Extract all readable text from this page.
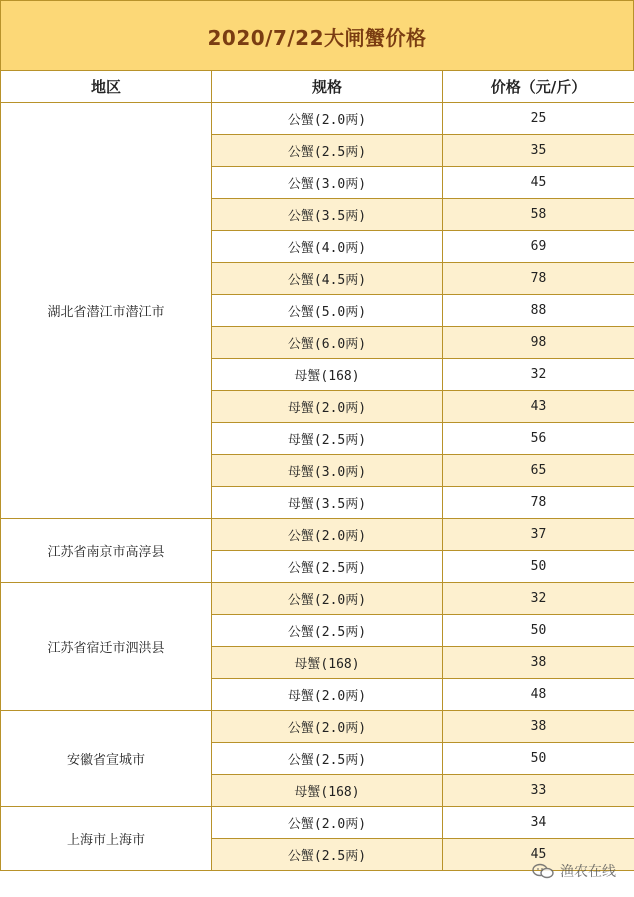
2020/7/22大闸蟹价格
地区	规格	价格（元/斤）
湖北省潜江市潜江市	公蟹(2.0两)	25
	公蟹(2.5两)	35
	公蟹(3.0两)	45
	公蟹(3.5两)	58
	公蟹(4.0两)	69
	公蟹(4.5两)	78
	公蟹(5.0两)	88
	公蟹(6.0两)	98
	母蟹(168)	32
	母蟹(2.0两)	43
	母蟹(2.5两)	56
	母蟹(3.0两)	65
	母蟹(3.5两)	78
江苏省南京市高淳县	公蟹(2.0两)	37
	公蟹(2.5两)	50
江苏省宿迁市泗洪县	公蟹(2.0两)	32
	公蟹(2.5两)	50
	母蟹(168)	38
	母蟹(2.0两)	48
安徽省宣城市	公蟹(2.0两)	38
	公蟹(2.5两)	50
	母蟹(168)	33
上海市上海市	公蟹(2.0两)	34
	公蟹(2.5两)	45
渔农在线
